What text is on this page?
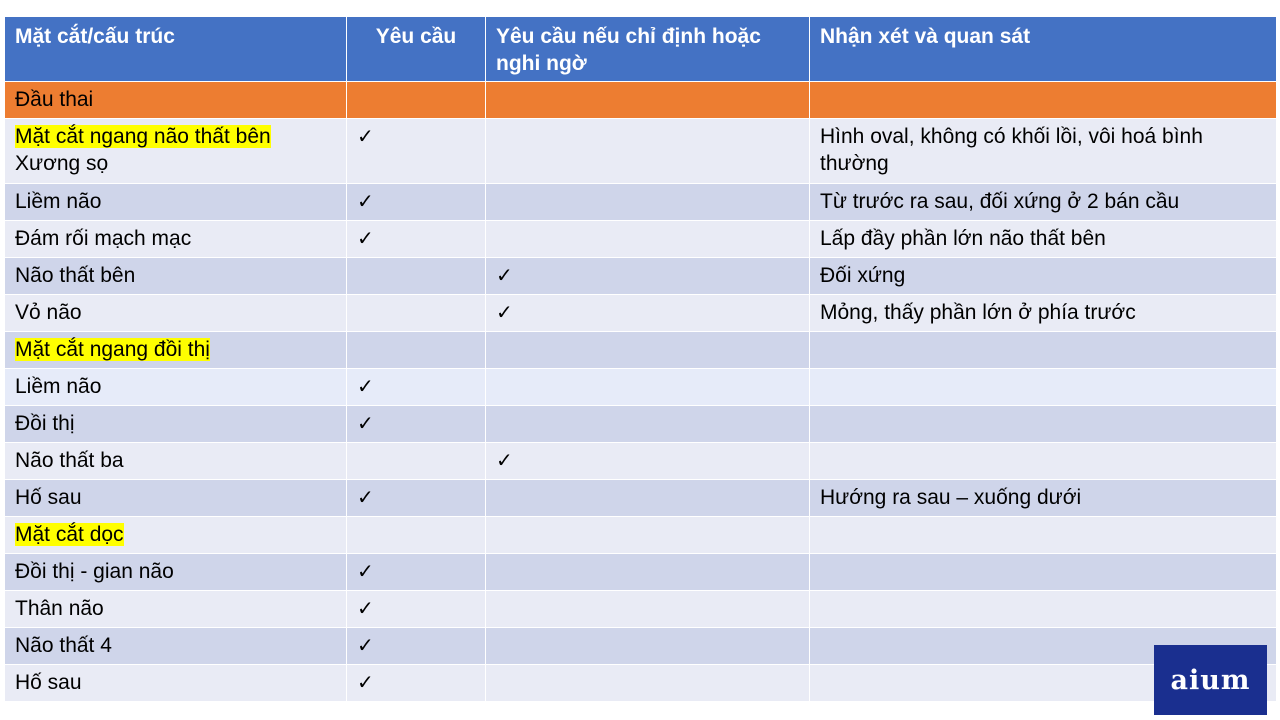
Mặt cắt/cấu trúc	Yêu cầu	Yêu cầu nếu chỉ định hoặc nghi ngờ	Nhận xét và quan sát
Đầu thai			
Mặt cắt ngang não thất bên
Xương sọ	✓		Hình oval, không có khối lồi, vôi hoá bình thường
Liềm não	✓		Từ trước ra sau, đối xứng ở 2 bán cầu
Đám rối mạch mạc	✓		Lấp đầy phần lớn não thất bên
Não thất bên		✓	Đối xứng
Vỏ não		✓	Mỏng, thấy phần lớn ở phía trước
Mặt cắt ngang đồi thị			
Liềm não	✓		
Đồi thị	✓		
Não thất ba		✓	
Hố sau	✓		Hướng ra sau – xuống dưới
Mặt cắt dọc			
Đồi thị - gian não	✓		
Thân não	✓		
Não thất 4	✓		
Hố sau	✓			aium
